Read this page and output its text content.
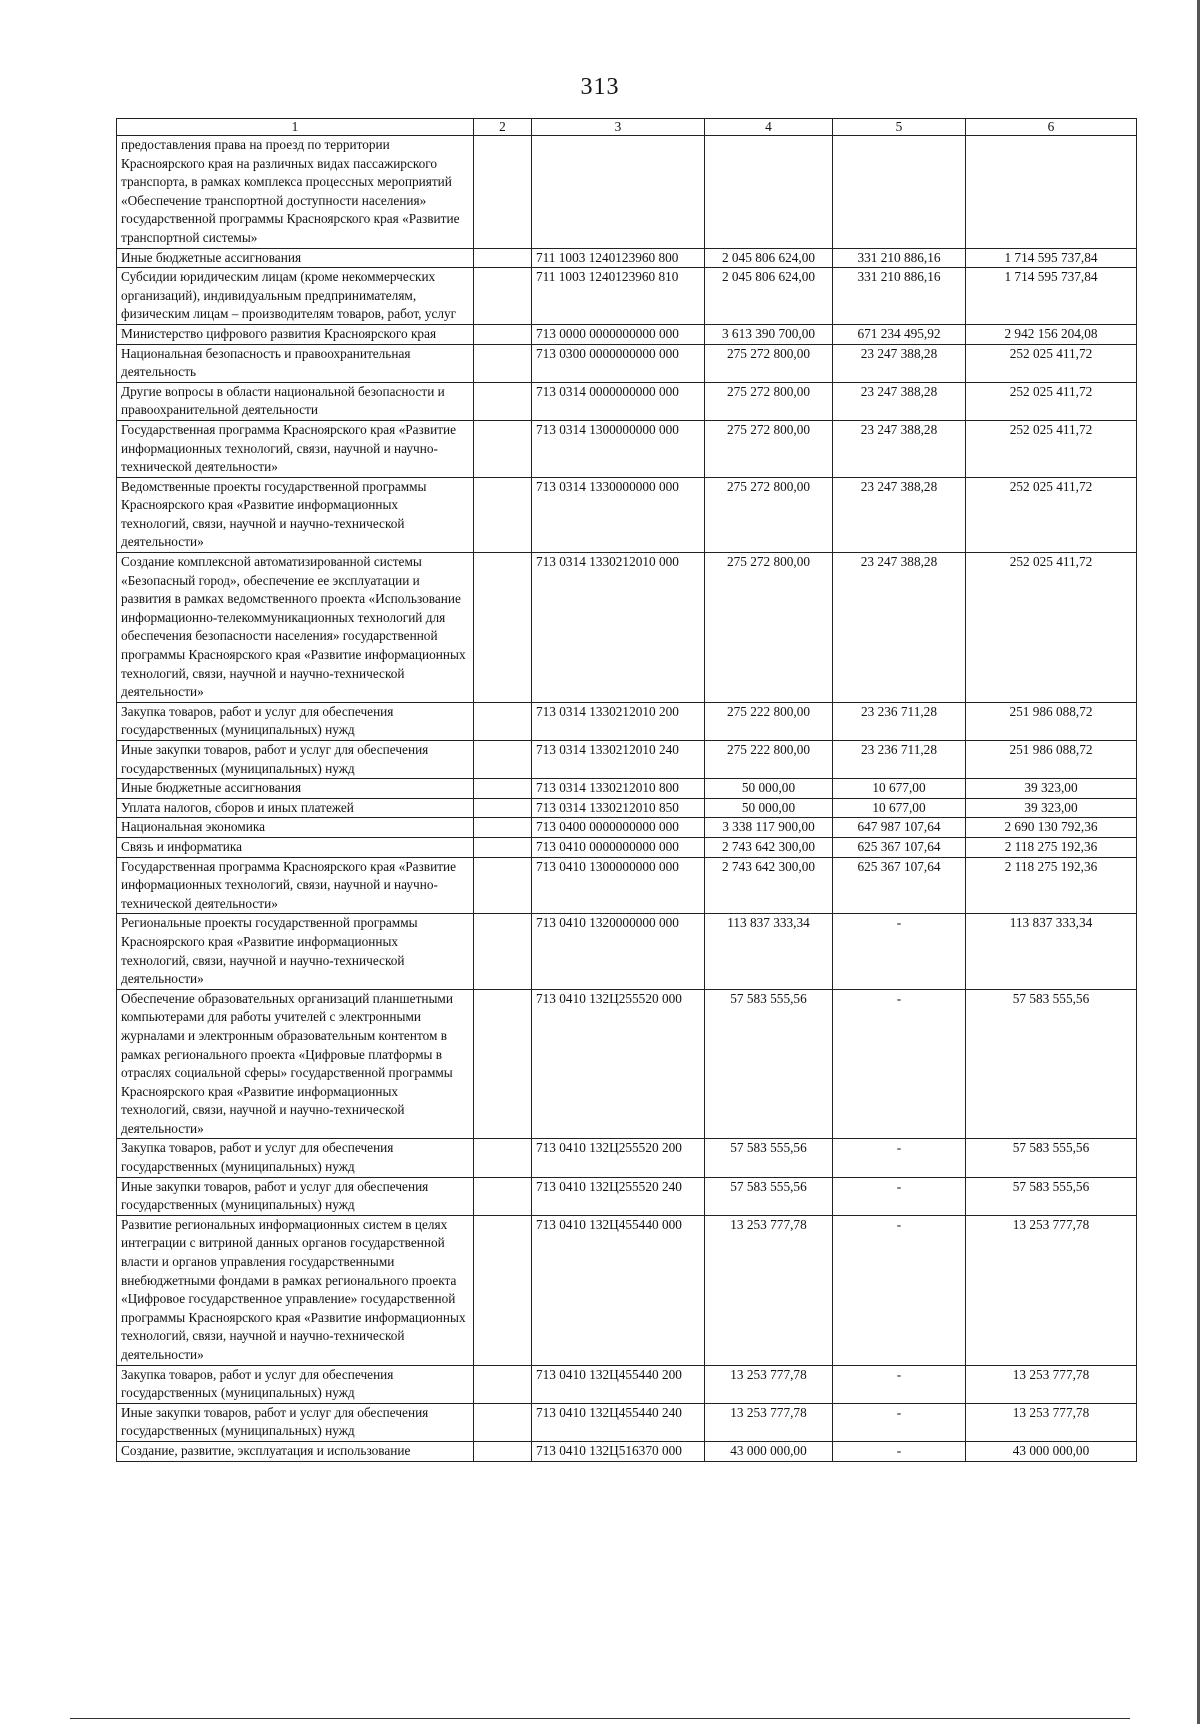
313
1	2	3	4	5	6
предоставления права на проезд по территории Красноярского края на различных видах пассажирского транспорта, в рамках комплекса процессных мероприятий «Обеспечение транспортной доступности населения» государственной программы Красноярского края «Развитие транспортной системы»					
Иные бюджетные ассигнования		711 1003 1240123960 800	2 045 806 624,00	331 210 886,16	1 714 595 737,84
Субсидии юридическим лицам (кроме некоммерческих организаций), индивидуальным предпринимателям, физическим лицам – производителям товаров, работ, услуг		711 1003 1240123960 810	2 045 806 624,00	331 210 886,16	1 714 595 737,84
Министерство цифрового развития Красноярского края		713 0000 0000000000 000	3 613 390 700,00	671 234 495,92	2 942 156 204,08
Национальная безопасность и правоохранительная деятельность		713 0300 0000000000 000	275 272 800,00	23 247 388,28	252 025 411,72
Другие вопросы в области национальной безопасности и правоохранительной деятельности		713 0314 0000000000 000	275 272 800,00	23 247 388,28	252 025 411,72
Государственная программа Красноярского края «Развитие информационных технологий, связи, научной и научно-технической деятельности»		713 0314 1300000000 000	275 272 800,00	23 247 388,28	252 025 411,72
Ведомственные проекты государственной программы Красноярского края «Развитие информационных технологий, связи, научной и научно-технической деятельности»		713 0314 1330000000 000	275 272 800,00	23 247 388,28	252 025 411,72
Создание комплексной автоматизированной системы «Безопасный город», обеспечение ее эксплуатации и развития в рамках ведомственного проекта «Использование информационно-телекоммуникационных технологий для обеспечения безопасности населения» государственной программы Красноярского края «Развитие информационных технологий, связи, научной и научно-технической деятельности»		713 0314 1330212010 000	275 272 800,00	23 247 388,28	252 025 411,72
Закупка товаров, работ и услуг для обеспечения государственных (муниципальных) нужд		713 0314 1330212010 200	275 222 800,00	23 236 711,28	251 986 088,72
Иные закупки товаров, работ и услуг для обеспечения государственных (муниципальных) нужд		713 0314 1330212010 240	275 222 800,00	23 236 711,28	251 986 088,72
Иные бюджетные ассигнования		713 0314 1330212010 800	50 000,00	10 677,00	39 323,00
Уплата налогов, сборов и иных платежей		713 0314 1330212010 850	50 000,00	10 677,00	39 323,00
Национальная экономика		713 0400 0000000000 000	3 338 117 900,00	647 987 107,64	2 690 130 792,36
Связь и информатика		713 0410 0000000000 000	2 743 642 300,00	625 367 107,64	2 118 275 192,36
Государственная программа Красноярского края «Развитие информационных технологий, связи, научной и научно-технической деятельности»		713 0410 1300000000 000	2 743 642 300,00	625 367 107,64	2 118 275 192,36
Региональные проекты государственной программы Красноярского края «Развитие информационных технологий, связи, научной и научно-технической деятельности»		713 0410 1320000000 000	113 837 333,34	-	113 837 333,34
Обеспечение образовательных организаций планшетными компьютерами для работы учителей с электронными журналами и электронным образовательным контентом в рамках регионального проекта «Цифровые платформы в отраслях социальной сферы» государственной программы Красноярского края «Развитие информационных технологий, связи, научной и научно-технической деятельности»		713 0410 132Ц255520 000	57 583 555,56	-	57 583 555,56
Закупка товаров, работ и услуг для обеспечения государственных (муниципальных) нужд		713 0410 132Ц255520 200	57 583 555,56	-	57 583 555,56
Иные закупки товаров, работ и услуг для обеспечения государственных (муниципальных) нужд		713 0410 132Ц255520 240	57 583 555,56	-	57 583 555,56
Развитие региональных информационных систем в целях интеграции с витриной данных органов государственной власти и органов управления государственными внебюджетными фондами в рамках регионального проекта «Цифровое государственное управление» государственной программы Красноярского края «Развитие информационных технологий, связи, научной и научно-технической деятельности»		713 0410 132Ц455440 000	13 253 777,78	-	13 253 777,78
Закупка товаров, работ и услуг для обеспечения государственных (муниципальных) нужд		713 0410 132Ц455440 200	13 253 777,78	-	13 253 777,78
Иные закупки товаров, работ и услуг для обеспечения государственных (муниципальных) нужд		713 0410 132Ц455440 240	13 253 777,78	-	13 253 777,78
Создание, развитие, эксплуатация и использование		713 0410 132Ц516370 000	43 000 000,00	-	43 000 000,00
